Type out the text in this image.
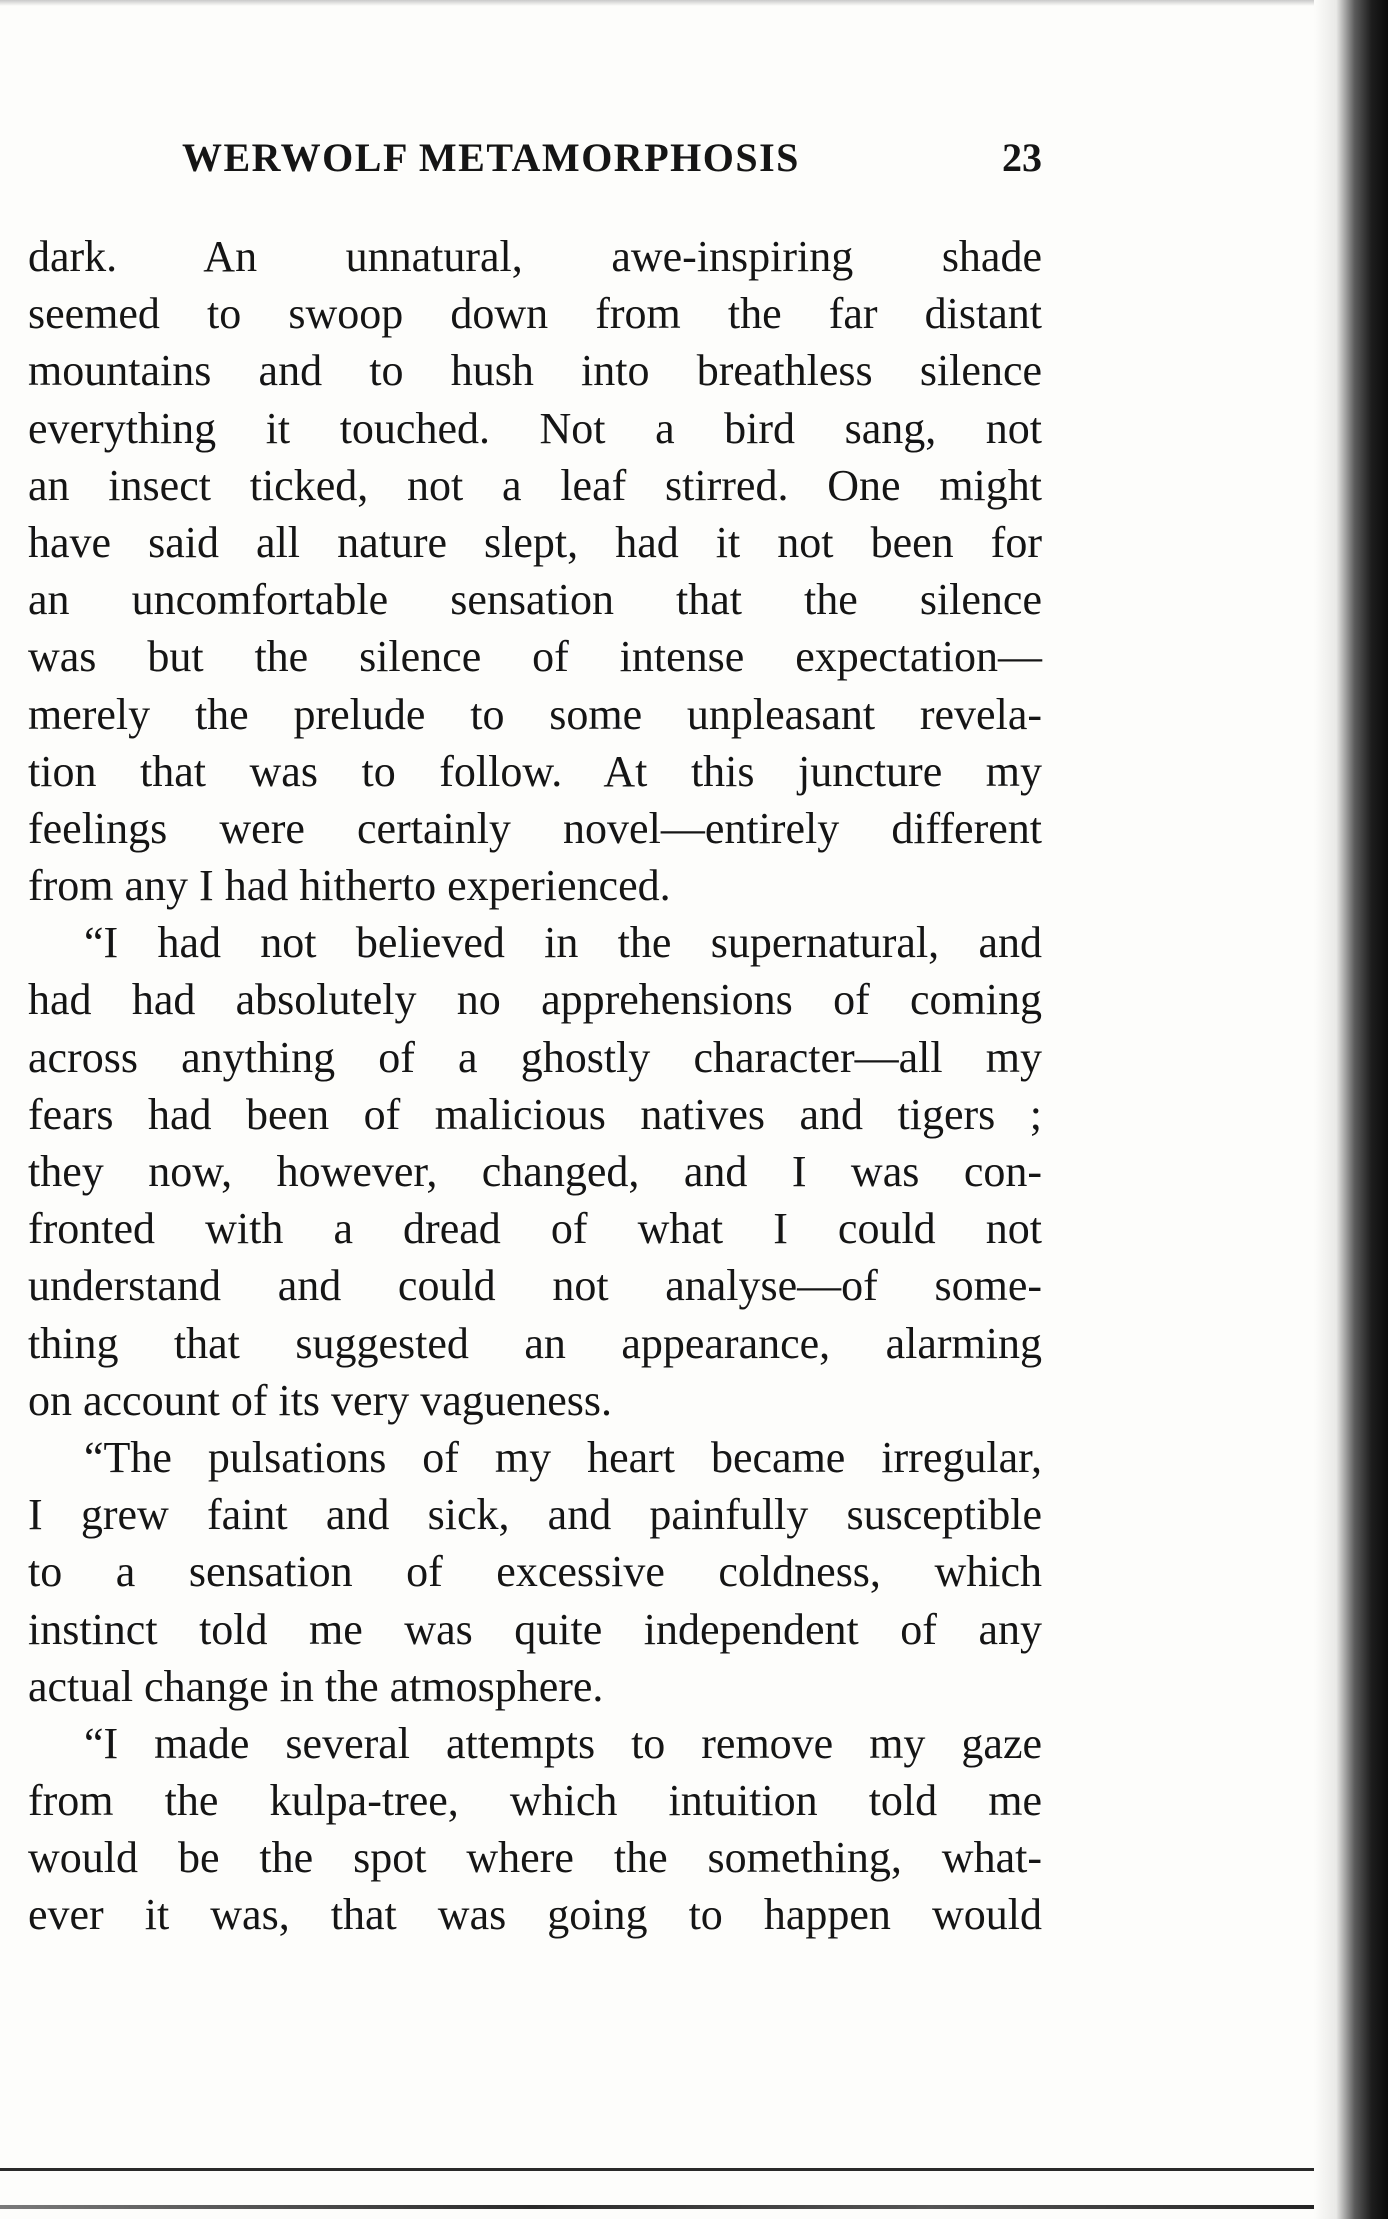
WERWOLF METAMORPHOSIS	23
dark. An unnatural, awe-inspiring shade
seemed to swoop down from the far distant
mountains and to hush into breathless silence
everything it touched. Not a bird sang, not
an insect ticked, not a leaf stirred. One might
have said all nature slept, had it not been for
an uncomfortable sensation that the silence
was but the silence of intense expectation—
merely the prelude to some unpleasant revela-
tion that was to follow. At this juncture my
feelings were certainly novel—entirely different
from any I had hitherto experienced.
“I had not believed in the supernatural, and
had had absolutely no apprehensions of coming
across anything of a ghostly character—all my
fears had been of malicious natives and tigers ;
they now, however, changed, and I was con-
fronted with a dread of what I could not
understand and could not analyse—of some-
thing that suggested an appearance, alarming
on account of its very vagueness.
“The pulsations of my heart became irregular,
I grew faint and sick, and painfully susceptible
to a sensation of excessive coldness, which
instinct told me was quite independent of any
actual change in the atmosphere.
“I made several attempts to remove my gaze
from the kulpa-tree, which intuition told me
would be the spot where the something, what-
ever it was, that was going to happen would
